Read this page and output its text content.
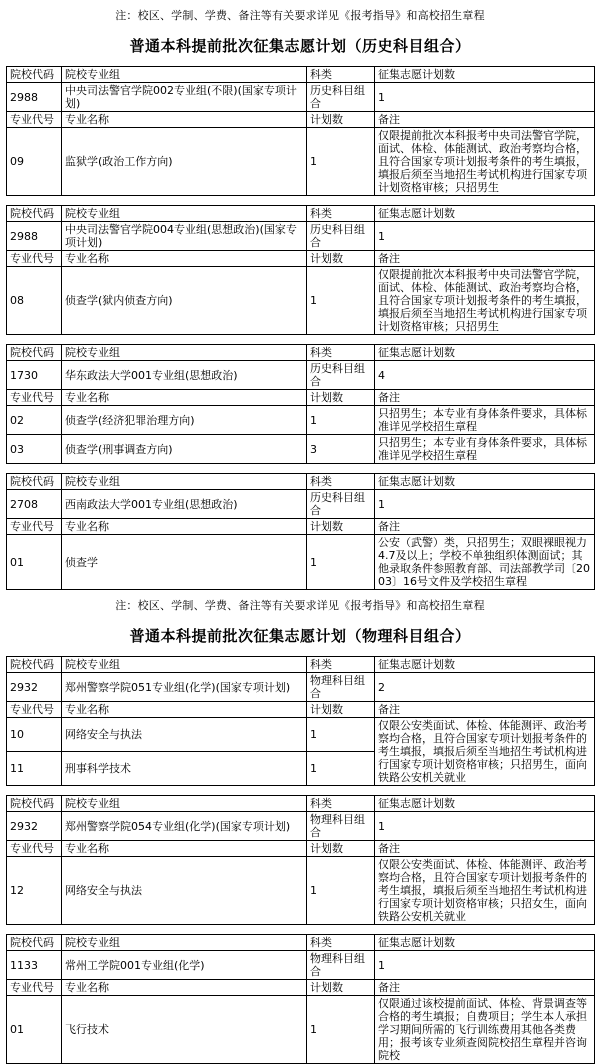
注：校区、学制、学费、备注等有关要求详见《报考指导》和高校招生章程
普通本科提前批次征集志愿计划（历史科目组合）
院校代码	院校专业组	科类	征集志愿计划数
2988	中央司法警官学院002专业组(不限)(国家专项计划)	历史科目组合	1
专业代号	专业名称	计划数	备注
09	监狱学(政治工作方向)	1	仅限提前批次本科报考中央司法警官学院，面试、体检、体能测试、政治考察均合格，且符合国家专项计划报考条件的考生填报，填报后须至当地招生考试机构进行国家专项计划资格审核；只招男生
院校代码	院校专业组	科类	征集志愿计划数
2988	中央司法警官学院004专业组(思想政治)(国家专项计划)	历史科目组合	1
专业代号	专业名称	计划数	备注
08	侦查学(狱内侦查方向)	1	仅限提前批次本科报考中央司法警官学院，面试、体检、体能测试、政治考察均合格，且符合国家专项计划报考条件的考生填报，填报后须至当地招生考试机构进行国家专项计划资格审核；只招男生
院校代码	院校专业组	科类	征集志愿计划数
1730	华东政法大学001专业组(思想政治)	历史科目组合	4
专业代号	专业名称	计划数	备注
02	侦查学(经济犯罪治理方向)	1	只招男生；本专业有身体条件要求，具体标准详见学校招生章程
03	侦查学(刑事调查方向)	3	只招男生；本专业有身体条件要求，具体标准详见学校招生章程
院校代码	院校专业组	科类	征集志愿计划数
2708	西南政法大学001专业组(思想政治)	历史科目组合	1
专业代号	专业名称	计划数	备注
01	侦查学	1	公安（武警）类，只招男生；双眼裸眼视力4.7及以上；学校不单独组织体测面试；其他录取条件参照教育部、司法部教学司〔2003〕16号文件及学校招生章程
注：校区、学制、学费、备注等有关要求详见《报考指导》和高校招生章程
普通本科提前批次征集志愿计划（物理科目组合）
院校代码	院校专业组	科类	征集志愿计划数
2932	郑州警察学院051专业组(化学)(国家专项计划)	物理科目组合	2
专业代号	专业名称	计划数	备注
10	网络安全与执法	1	仅限公安类面试、体检、体能测评、政治考察均合格，且符合国家专项计划报考条件的考生填报，填报后须至当地招生考试机构进行国家专项计划资格审核；只招男生，面向铁路公安机关就业
11	刑事科学技术	1	
院校代码	院校专业组	科类	征集志愿计划数
2932	郑州警察学院054专业组(化学)(国家专项计划)	物理科目组合	1
专业代号	专业名称	计划数	备注
12	网络安全与执法	1	仅限公安类面试、体检、体能测评、政治考察均合格，且符合国家专项计划报考条件的考生填报，填报后须至当地招生考试机构进行国家专项计划资格审核；只招女生，面向铁路公安机关就业
院校代码	院校专业组	科类	征集志愿计划数
1133	常州工学院001专业组(化学)	物理科目组合	1
专业代号	专业名称	计划数	备注
01	飞行技术	1	仅限通过该校提前面试、体检、背景调查等合格的考生填报；自费项目；学生本人承担学习期间所需的飞行训练费用其他各类费用；报考该专业须查阅院校招生章程并咨询院校
